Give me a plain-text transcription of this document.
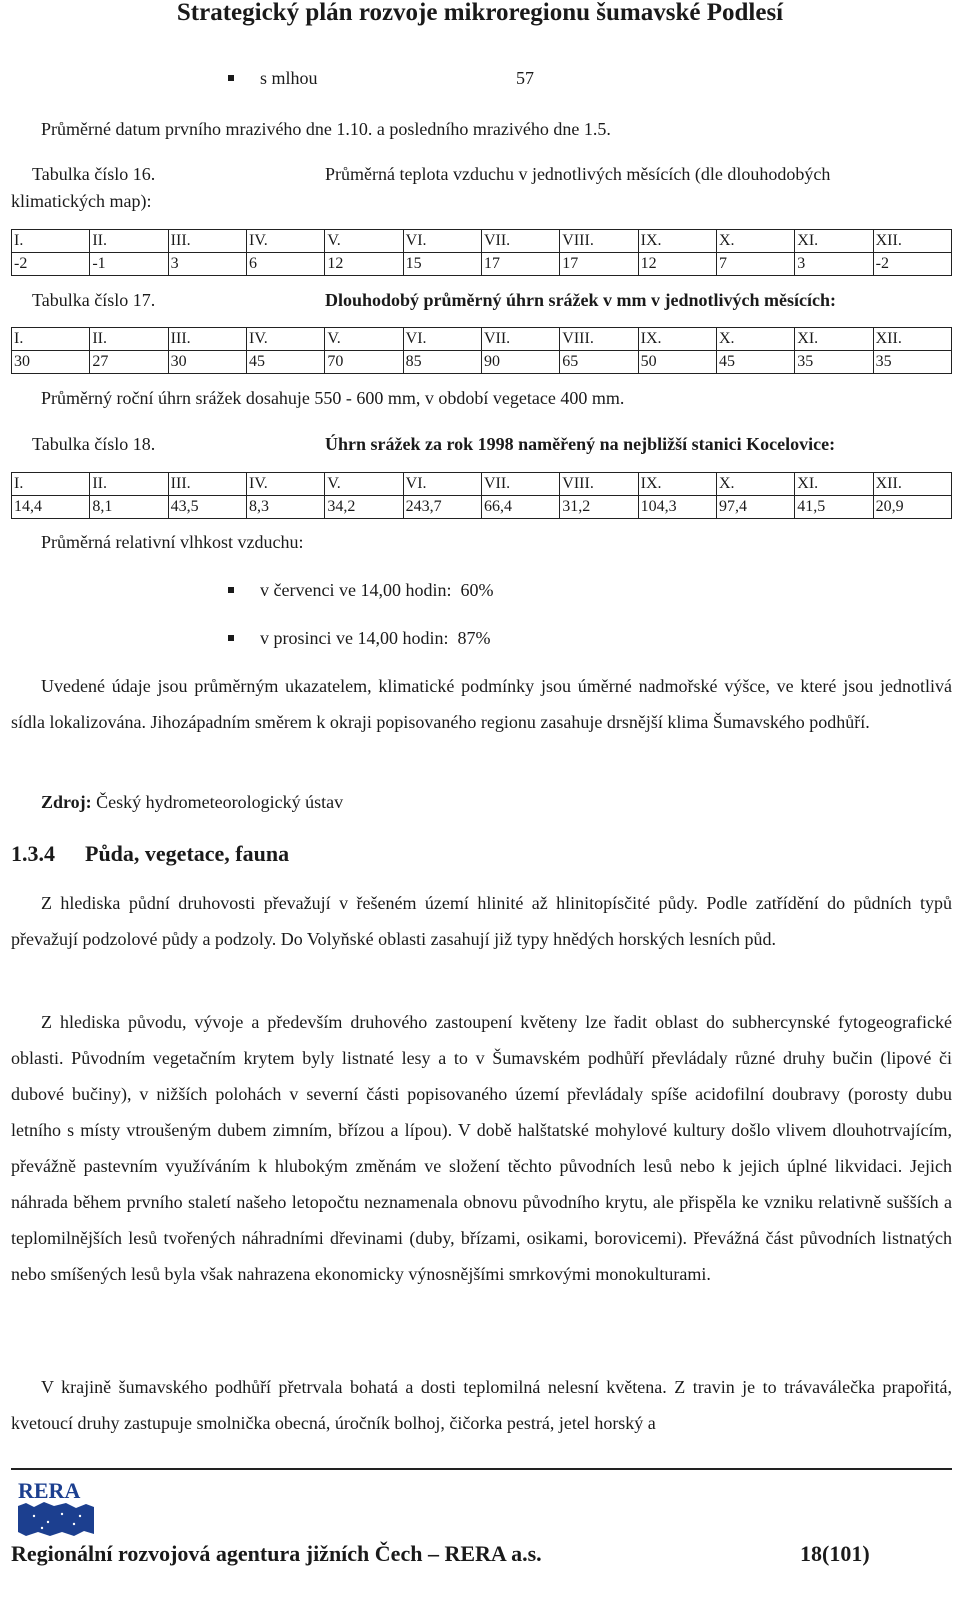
Strategický plán rozvoje mikroregionu šumavské Podlesí
s mlhou	57
Průměrné datum prvního mrazivého dne 1.10. a posledního mrazivého dne 1.5.
Tabulka číslo 16.	Průměrná teplota vzduchu v jednotlivých měsících (dle dlouhodobých
klimatických map):
I.	II.	III.	IV.	V.	VI.	VII.	VIII.	IX.	X.	XI.	XII.
-2	-1	3	6	12	15	17	17	12	7	3	-2
Tabulka číslo 17.	Dlouhodobý průměrný úhrn srážek v mm v jednotlivých měsících:
I.	II.	III.	IV.	V.	VI.	VII.	VIII.	IX.	X.	XI.	XII.
30	27	30	45	70	85	90	65	50	45	35	35
Průměrný roční úhrn srážek dosahuje 550 - 600 mm, v období vegetace 400 mm.
Tabulka číslo 18.	Úhrn srážek za rok 1998 naměřený na nejbližší stanici Kocelovice:
I.	II.	III.	IV.	V.	VI.	VII.	VIII.	IX.	X.	XI.	XII.
14,4	8,1	43,5	8,3	34,2	243,7	66,4	31,2	104,3	97,4	41,5	20,9
Průměrná relativní vlhkost vzduchu:
v červenci ve 14,00 hodin:  60%
v prosinci ve 14,00 hodin:  87%
Uvedené údaje jsou průměrným ukazatelem, klimatické podmínky jsou úměrné nadmořské výšce, ve které jsou jednotlivá sídla lokalizována. Jihozápadním směrem k okraji popisovaného regionu zasahuje drsnější klima Šumavského podhůří.
Zdroj: Český hydrometeorologický ústav
1.3.4 Půda, vegetace, fauna
Z hlediska půdní druhovosti převažují v řešeném území hlinité až hlinitopísčité půdy. Podle zatřídění do půdních typů převažují podzolové půdy a podzoly. Do Volyňské oblasti zasahují již typy hnědých horských lesních půd.
Z hlediska původu, vývoje a především druhového zastoupení květeny lze řadit oblast do subhercynské fytogeografické oblasti. Původním vegetačním krytem byly listnaté lesy a to v Šumavském podhůří převládaly různé druhy bučin (lipové či dubové bučiny), v nižších polohách v severní části popisovaného území převládaly spíše acidofilní doubravy (porosty dubu letního s místy vtroušeným dubem zimním, břízou a lípou). V době halštatské mohylové kultury došlo vlivem dlouhotrvajícím, převážně pastevním využíváním k hlubokým změnám ve složení těchto původních lesů nebo k jejich úplné likvidaci. Jejich náhrada během prvního staletí našeho letopočtu neznamenala obnovu původního krytu, ale přispěla ke vzniku relativně sušších a teplomilnějších lesů tvořených náhradními dřevinami (duby, břízami, osikami, borovicemi). Převážná část původních listnatých nebo smíšených lesů byla však nahrazena ekonomicky výnosnějšími smrkovými monokulturami.
V krajině šumavského podhůří přetrvala bohatá a dosti teplomilná nelesní květena. Z travin je to trávaválečka prapořitá, kvetoucí druhy zastupuje smolnička obecná, úročník bolhoj, čičorka pestrá, jetel horský a
RERA
Regionální rozvojová agentura jižních Čech – RERA a.s.	18(101)
